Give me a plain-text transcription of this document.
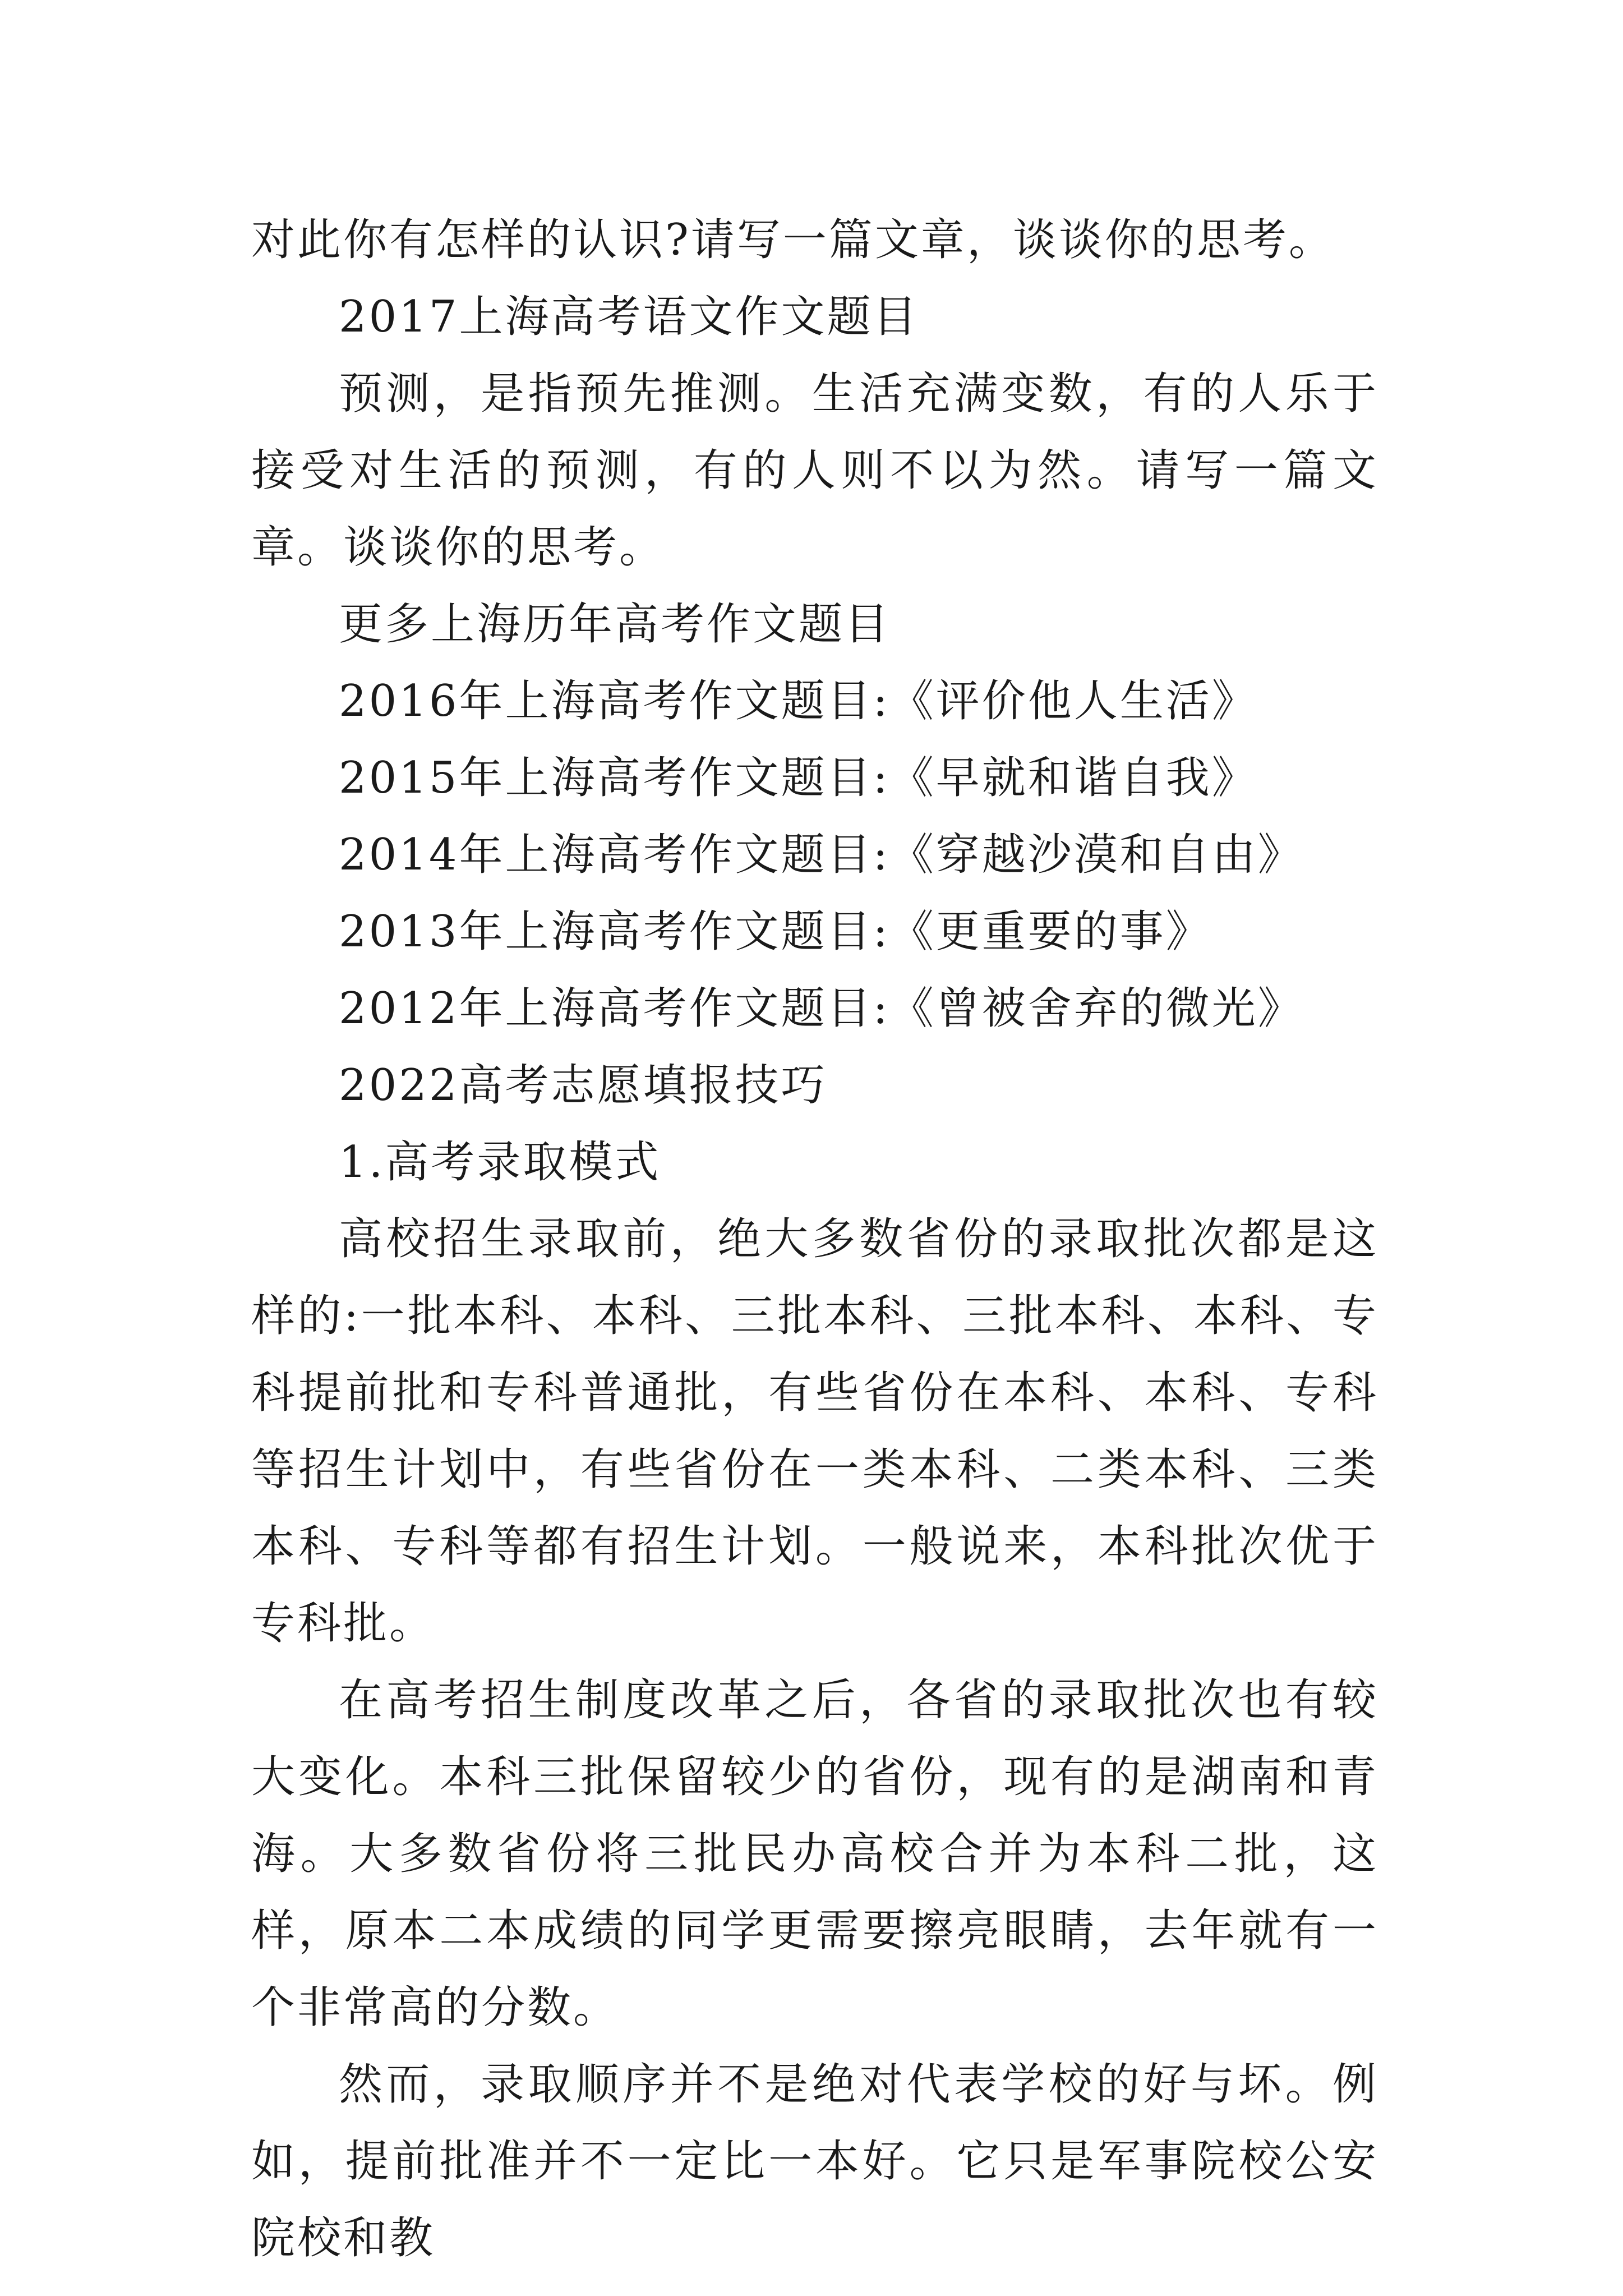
对此你有怎样的认识?请写一篇文章，谈谈你的思考。

2017上海高考语文作文题目

预测，是指预先推测。生活充满变数，有的人乐于接受对生活的预测，有的人则不以为然。请写一篇文章。谈谈你的思考。

更多上海历年高考作文题目

2016年上海高考作文题目:《评价他人生活》

2015年上海高考作文题目:《早就和谐自我》

2014年上海高考作文题目:《穿越沙漠和自由》

2013年上海高考作文题目:《更重要的事》

2012年上海高考作文题目:《曾被舍弃的微光》

2022高考志愿填报技巧

1.高考录取模式

高校招生录取前，绝大多数省份的录取批次都是这样的:一批本科、本科、三批本科、三批本科、本科、专科提前批和专科普通批，有些省份在本科、本科、专科等招生计划中，有些省份在一类本科、二类本科、三类本科、专科等都有招生计划。一般说来，本科批次优于专科批。

在高考招生制度改革之后，各省的录取批次也有较大变化。本科三批保留较少的省份，现有的是湖南和青海。大多数省份将三批民办高校合并为本科二批，这样，原本二本成绩的同学更需要擦亮眼睛，去年就有一个非常高的分数。

然而，录取顺序并不是绝对代表学校的好与坏。例如，提前批准并不一定比一本好。它只是军事院校公安院校和教
